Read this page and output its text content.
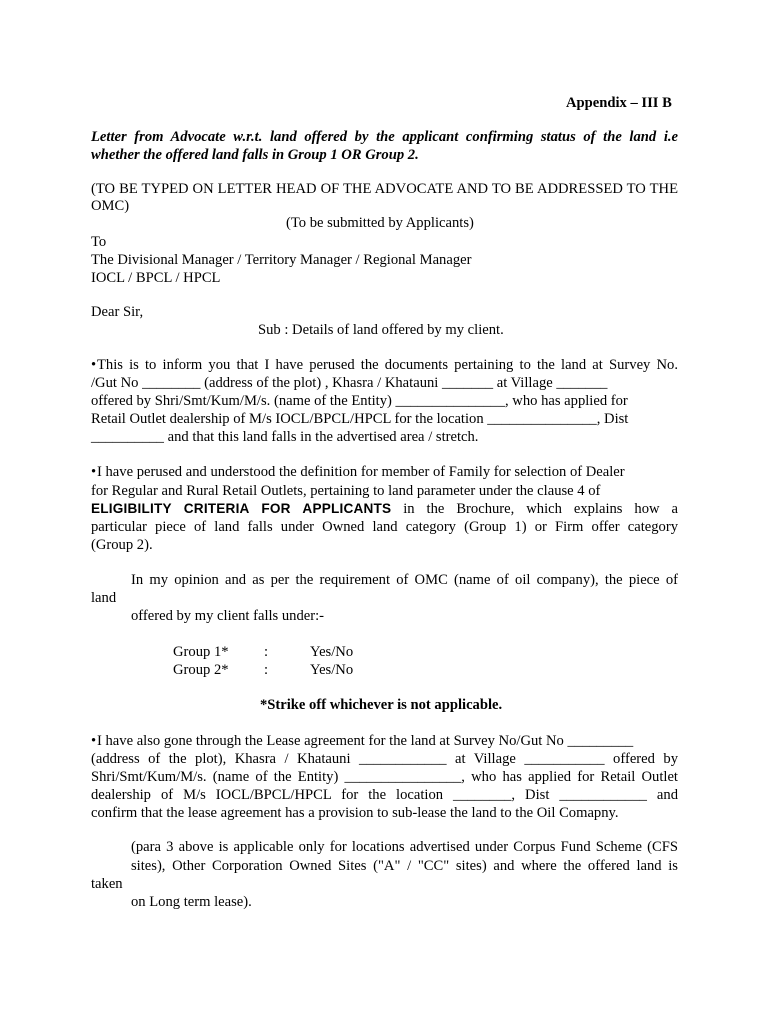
Appendix – III B
Letter from Advocate w.r.t. land offered by the applicant confirming status of the land i.e
whether the offered land falls in Group 1 OR Group 2.
(TO BE TYPED ON LETTER HEAD OF THE ADVOCATE AND TO BE ADDRESSED TO THE
OMC)
(To be submitted by Applicants)
To
The Divisional Manager / Territory Manager / Regional Manager
IOCL / BPCL / HPCL
Dear Sir,
Sub : Details of land offered by my client.
•This is to inform you that I have perused the documents pertaining to the land at Survey No.
/Gut No ________ (address of the plot) , Khasra / Khatauni _______ at Village _______
offered by Shri/Smt/Kum/M/s. (name of the Entity) _______________, who has applied for
Retail Outlet dealership of M/s IOCL/BPCL/HPCL for the location _______________, Dist
__________ and that this land falls in the advertised area / stretch.
•I have perused and understood the definition for member of Family for selection of Dealer
for Regular and Rural Retail Outlets, pertaining to land parameter under the clause 4 of
ELIGIBILITY CRITERIA FOR APPLICANTS in the Brochure, which explains how a
particular piece of land falls under Owned land category (Group 1) or Firm offer category
(Group 2).
In my opinion and as per the requirement of OMC (name of oil company), the piece of
land
offered by my client falls under:-
Group 1* :	Yes/No
Group 2* :	Yes/No
*Strike off whichever is not applicable.
•I have also gone through the Lease agreement for the land at Survey No/Gut No _________
(address of the plot), Khasra / Khatauni ____________ at Village ___________ offered by
Shri/Smt/Kum/M/s. (name of the Entity) ________________, who has applied for Retail Outlet
dealership of M/s IOCL/BPCL/HPCL for the location ________, Dist ____________ and
confirm that the lease agreement has a provision to sub-lease the land to the Oil Comapny.
(para 3 above is applicable only for locations advertised under Corpus Fund Scheme (CFS
sites), Other Corporation Owned Sites ("A" / "CC" sites) and where the offered land is
taken
on Long term lease).
